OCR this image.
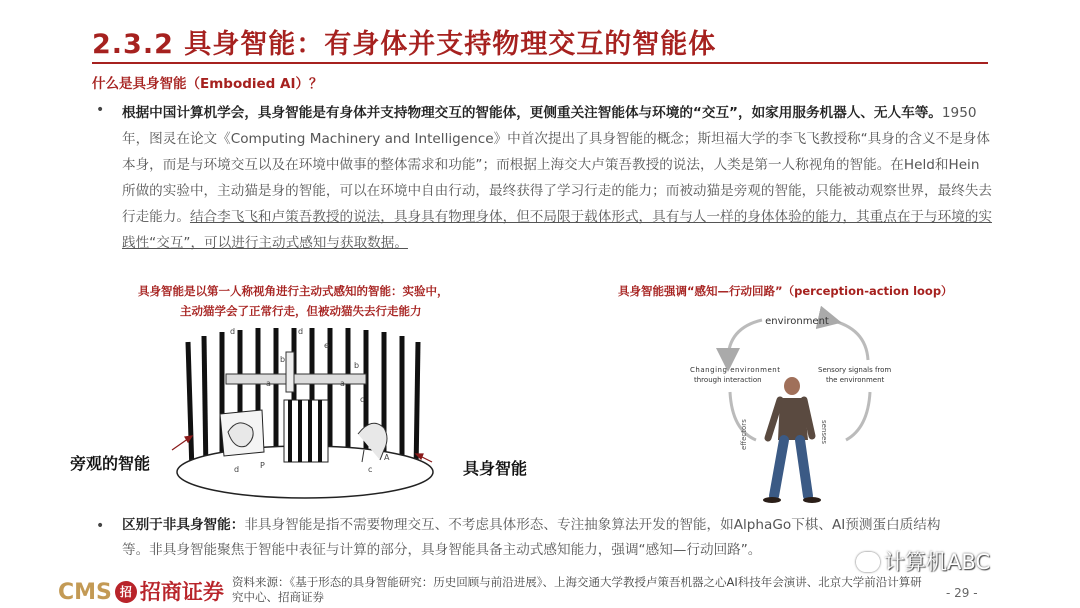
2.3.2 具身智能：有身体并支持物理交互的智能体
什么是具身智能（Embodied AI）？
• 根据中国计算机学会，具身智能是有身体并支持物理交互的智能体，更侧重关注智能体与环境的“交互”，如家用服务机器人、无人车等。1950年，图灵在论文《Computing Machinery and Intelligence》中首次提出了具身智能的概念；斯坦福大学的李飞飞教授称“具身的含义不是身体本身，而是与环境交互以及在环境中做事的整体需求和功能”；而根据上海交大卢策吾教授的说法，人类是第一人称视角的智能。在Held和Hein所做的实验中，主动猫是身的智能，可以在环境中自由行动，最终获得了学习行走的能力；而被动猫是旁观的智能，只能被动观察世界，最终失去行走能力。结合李飞飞和卢策吾教授的说法，具身具有物理身体，但不局限于载体形式，具有与人一样的身体体验的能力，其重点在于与环境的实践性“交互”，可以进行主动式感知与获取数据。
具身智能是以第一人称视角进行主动式感知的智能：实验中，
主动猫学会了正常行走，但被动猫失去行走能力
d	d
e
b
b
a	a
c
c
P
A
d
旁观的智能	具身智能
具身智能强调“感知—行动回路”（perception-action loop）
environment
Changing environment
through interaction
Sensory signals from
the environment
effectors	senses
• 区别于非具身智能：非具身智能是指不需要物理交互、不考虑具体形态、专注抽象算法开发的智能，如AlphaGo下棋、AI预测蛋白质结构等。非具身智能聚焦于智能中表征与计算的部分，具身智能具备主动式感知能力，强调“感知—行动回路”。
CMS 招 招商证券 资料来源：《基于形态的具身智能研究：历史回顾与前沿进展》、上海交通大学教授卢策吾机器之心AI科技年会演讲、北京大学前沿计算研究中心、招商证券	- 29 -
计算机ABC
